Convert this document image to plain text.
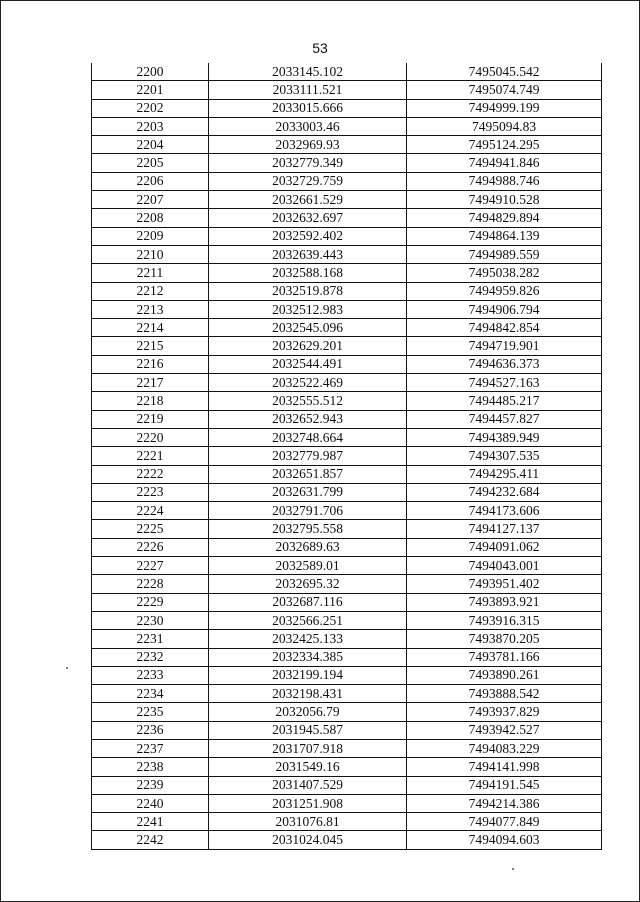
53
2200	2033145.102	7495045.542
2201	2033111.521	7495074.749
2202	2033015.666	7494999.199
2203	2033003.46	7495094.83
2204	2032969.93	7495124.295
2205	2032779.349	7494941.846
2206	2032729.759	7494988.746
2207	2032661.529	7494910.528
2208	2032632.697	7494829.894
2209	2032592.402	7494864.139
2210	2032639.443	7494989.559
2211	2032588.168	7495038.282
2212	2032519.878	7494959.826
2213	2032512.983	7494906.794
2214	2032545.096	7494842.854
2215	2032629.201	7494719.901
2216	2032544.491	7494636.373
2217	2032522.469	7494527.163
2218	2032555.512	7494485.217
2219	2032652.943	7494457.827
2220	2032748.664	7494389.949
2221	2032779.987	7494307.535
2222	2032651.857	7494295.411
2223	2032631.799	7494232.684
2224	2032791.706	7494173.606
2225	2032795.558	7494127.137
2226	2032689.63	7494091.062
2227	2032589.01	7494043.001
2228	2032695.32	7493951.402
2229	2032687.116	7493893.921
2230	2032566.251	7493916.315
2231	2032425.133	7493870.205
2232	2032334.385	7493781.166
2233	2032199.194	7493890.261
2234	2032198.431	7493888.542
2235	2032056.79	7493937.829
2236	2031945.587	7493942.527
2237	2031707.918	7494083.229
2238	2031549.16	7494141.998
2239	2031407.529	7494191.545
2240	2031251.908	7494214.386
2241	2031076.81	7494077.849
2242	2031024.045	7494094.603
